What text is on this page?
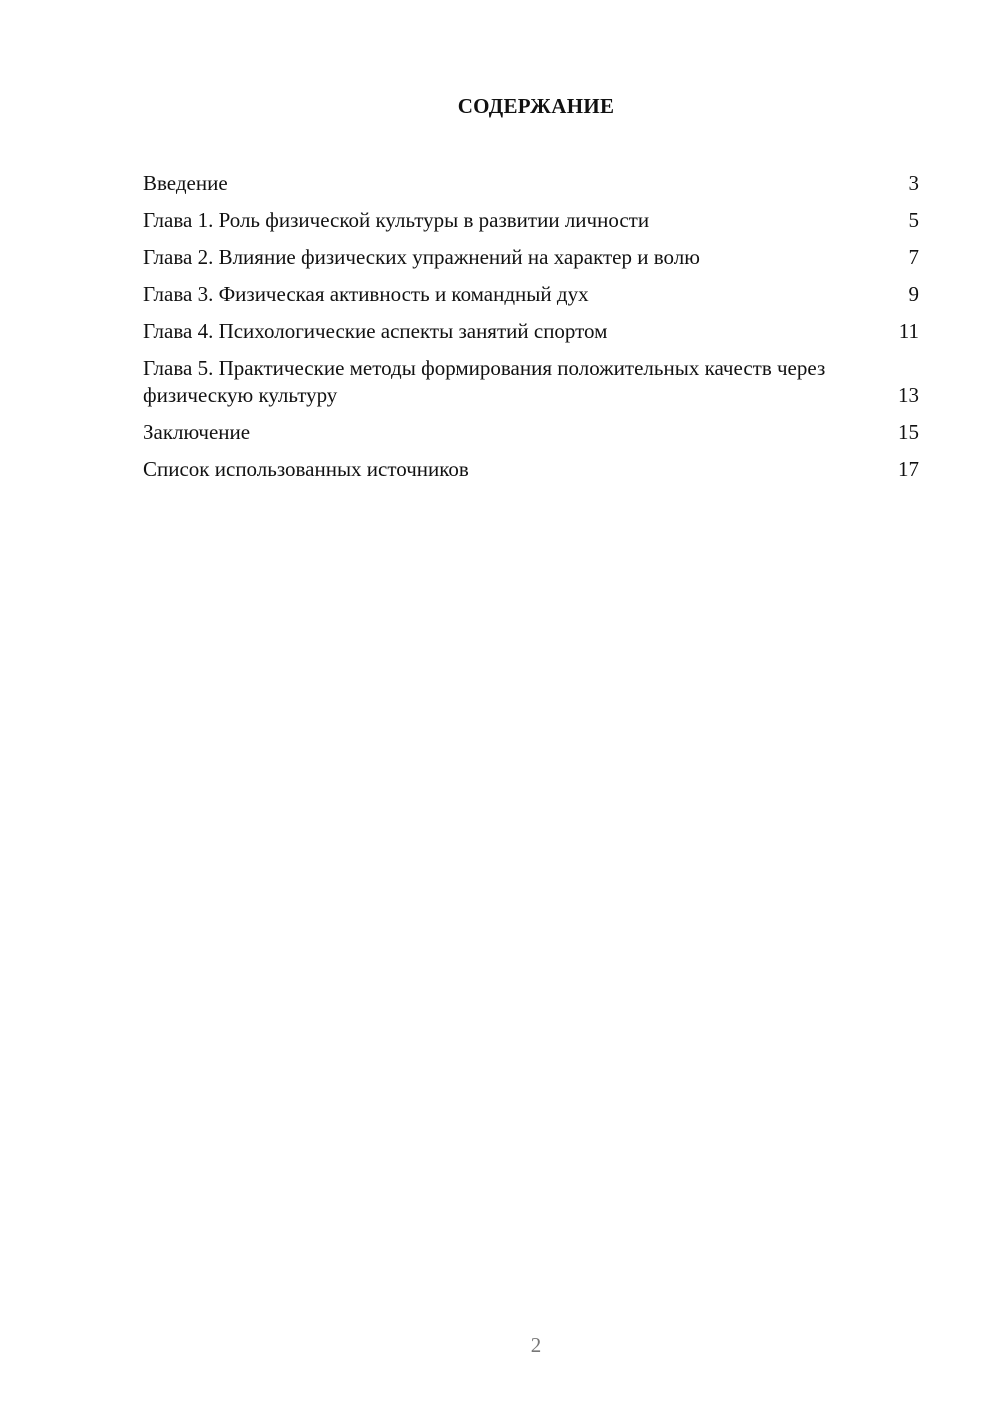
СОДЕРЖАНИЕ
Введение	3
Глава 1. Роль физической культуры в развитии личности	5
Глава 2. Влияние физических упражнений на характер и волю	7
Глава 3. Физическая активность и командный дух	9
Глава 4. Психологические аспекты занятий спортом	11
Глава 5. Практические методы формирования положительных качеств через физическую культуру	13
Заключение	15
Список использованных источников	17
2
